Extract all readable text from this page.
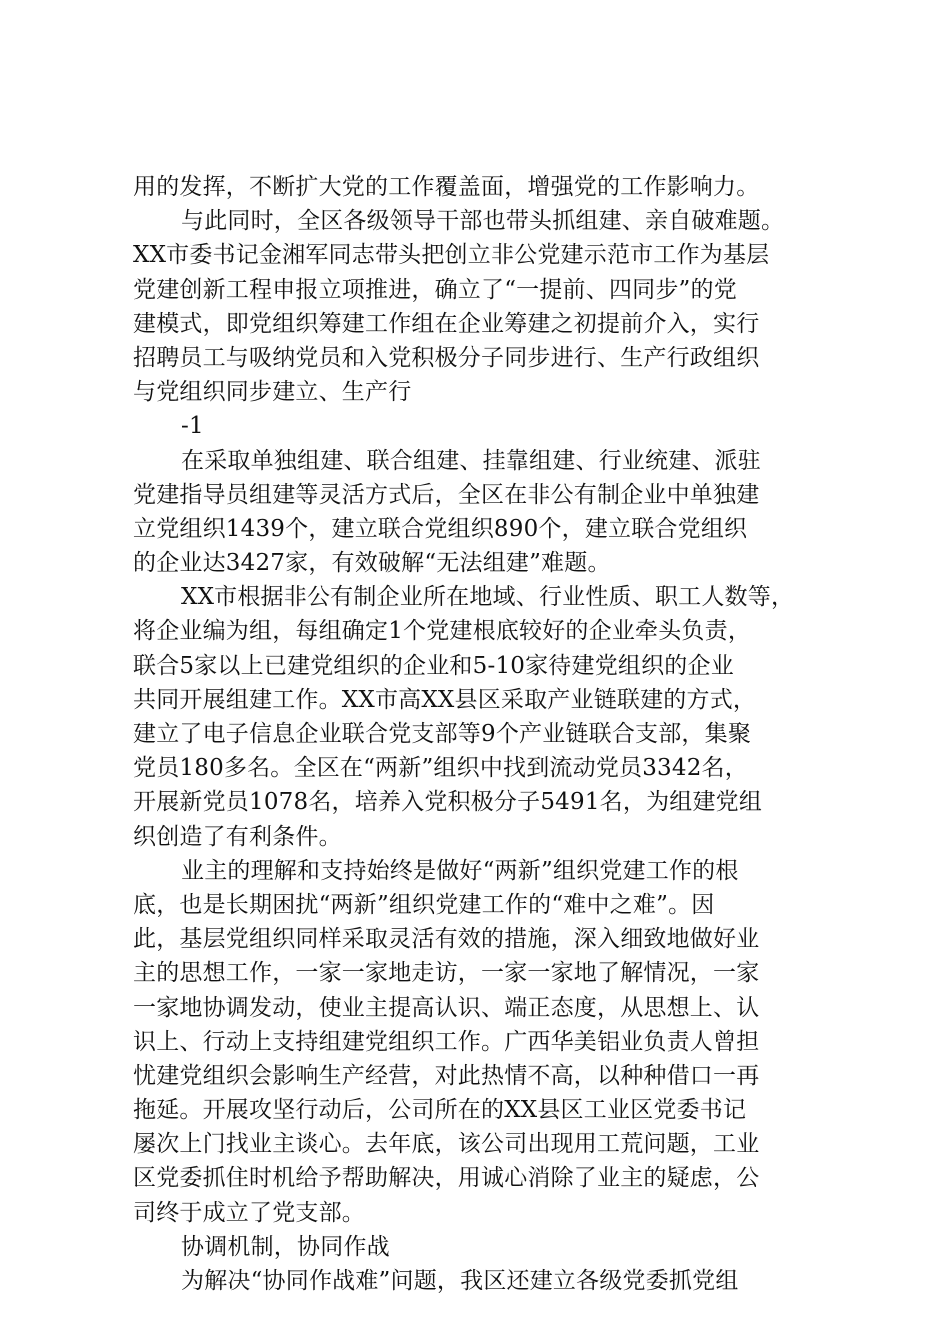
用的发挥，不断扩大党的工作覆盖面，增强党的工作影响力。
与此同时，全区各级领导干部也带头抓组建、亲自破难题。
XX市委书记金湘军同志带头把创立非公党建示范市工作为基层
党建创新工程申报立项推进，确立了“一提前、四同步”的党
建模式，即党组织筹建工作组在企业筹建之初提前介入，实行
招聘员工与吸纳党员和入党积极分子同步进行、生产行政组织
与党组织同步建立、生产行
-1
在采取单独组建、联合组建、挂靠组建、行业统建、派驻
党建指导员组建等灵活方式后，全区在非公有制企业中单独建
立党组织1439个，建立联合党组织890个，建立联合党组织
的企业达3427家，有效破解“无法组建”难题。
XX市根据非公有制企业所在地域、行业性质、职工人数等，
将企业编为组，每组确定1个党建根底较好的企业牵头负责，
联合5家以上已建党组织的企业和5-10家待建党组织的企业
共同开展组建工作。XX市高XX县区采取产业链联建的方式，
建立了电子信息企业联合党支部等9个产业链联合支部，集聚
党员180多名。全区在“两新”组织中找到流动党员3342名，
开展新党员1078名，培养入党积极分子5491名，为组建党组
织创造了有利条件。
业主的理解和支持始终是做好“两新”组织党建工作的根
底，也是长期困扰“两新”组织党建工作的“难中之难”。因
此，基层党组织同样采取灵活有效的措施，深入细致地做好业
主的思想工作，一家一家地走访，一家一家地了解情况，一家
一家地协调发动，使业主提高认识、端正态度，从思想上、认
识上、行动上支持组建党组织工作。广西华美铝业负责人曾担
忧建党组织会影响生产经营，对此热情不高，以种种借口一再
拖延。开展攻坚行动后，公司所在的XX县区工业区党委书记
屡次上门找业主谈心。去年底，该公司出现用工荒问题，工业
区党委抓住时机给予帮助解决，用诚心消除了业主的疑虑，公
司终于成立了党支部。
协调机制，协同作战
为解决“协同作战难”问题，我区还建立各级党委抓党组
